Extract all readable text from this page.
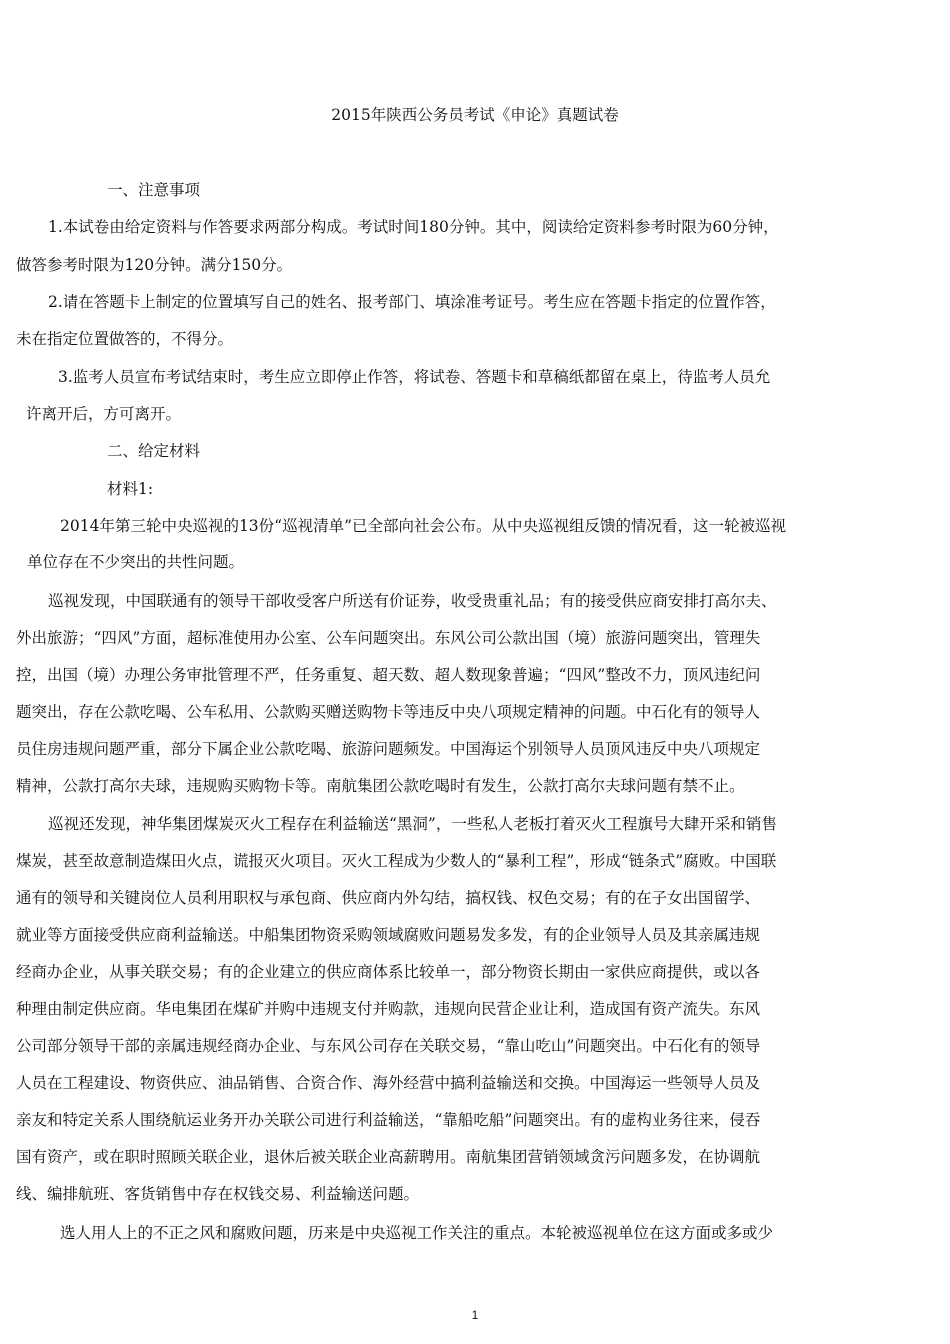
2015年陕西公务员考试《申论》真题试卷
一、注意事项
1.本试卷由给定资料与作答要求两部分构成。考试时间180分钟。其中，阅读给定资料参考时限为60分钟，
做答参考时限为120分钟。满分150分。
2.请在答题卡上制定的位置填写自己的姓名、报考部门、填涂准考证号。考生应在答题卡指定的位置作答，
未在指定位置做答的，不得分。
3.监考人员宣布考试结束时，考生应立即停止作答，将试卷、答题卡和草稿纸都留在桌上，待监考人员允
许离开后，方可离开。
二、给定材料
材料1:
2014年第三轮中央巡视的13份“巡视清单”已全部向社会公布。从中央巡视组反馈的情况看，这一轮被巡视
单位存在不少突出的共性问题。
巡视发现，中国联通有的领导干部收受客户所送有价证券，收受贵重礼品；有的接受供应商安排打高尔夫、
外出旅游；“四风”方面，超标准使用办公室、公车问题突出。东风公司公款出国（境）旅游问题突出，管理失
控，出国（境）办理公务审批管理不严，任务重复、超天数、超人数现象普遍；“四风”整改不力，顶风违纪问
题突出，存在公款吃喝、公车私用、公款购买赠送购物卡等违反中央八项规定精神的问题。中石化有的领导人
员住房违规问题严重，部分下属企业公款吃喝、旅游问题频发。中国海运个别领导人员顶风违反中央八项规定
精神，公款打高尔夫球，违规购买购物卡等。南航集团公款吃喝时有发生，公款打高尔夫球问题有禁不止。
巡视还发现，神华集团煤炭灭火工程存在利益输送“黑洞”，一些私人老板打着灭火工程旗号大肆开采和销售
煤炭，甚至故意制造煤田火点，谎报灭火项目。灭火工程成为少数人的“暴利工程”，形成“链条式”腐败。中国联
通有的领导和关键岗位人员利用职权与承包商、供应商内外勾结，搞权钱、权色交易；有的在子女出国留学、
就业等方面接受供应商利益输送。中船集团物资采购领域腐败问题易发多发，有的企业领导人员及其亲属违规
经商办企业，从事关联交易；有的企业建立的供应商体系比较单一，部分物资长期由一家供应商提供，或以各
种理由制定供应商。华电集团在煤矿并购中违规支付并购款，违规向民营企业让利，造成国有资产流失。东风
公司部分领导干部的亲属违规经商办企业、与东风公司存在关联交易，“靠山吃山”问题突出。中石化有的领导
人员在工程建设、物资供应、油品销售、合资合作、海外经营中搞利益输送和交换。中国海运一些领导人员及
亲友和特定关系人围绕航运业务开办关联公司进行利益输送，“靠船吃船”问题突出。有的虚构业务往来，侵吞
国有资产，或在职时照顾关联企业，退休后被关联企业高薪聘用。南航集团营销领域贪污问题多发，在协调航
线、编排航班、客货销售中存在权钱交易、利益输送问题。
选人用人上的不正之风和腐败问题，历来是中央巡视工作关注的重点。本轮被巡视单位在这方面或多或少
1
